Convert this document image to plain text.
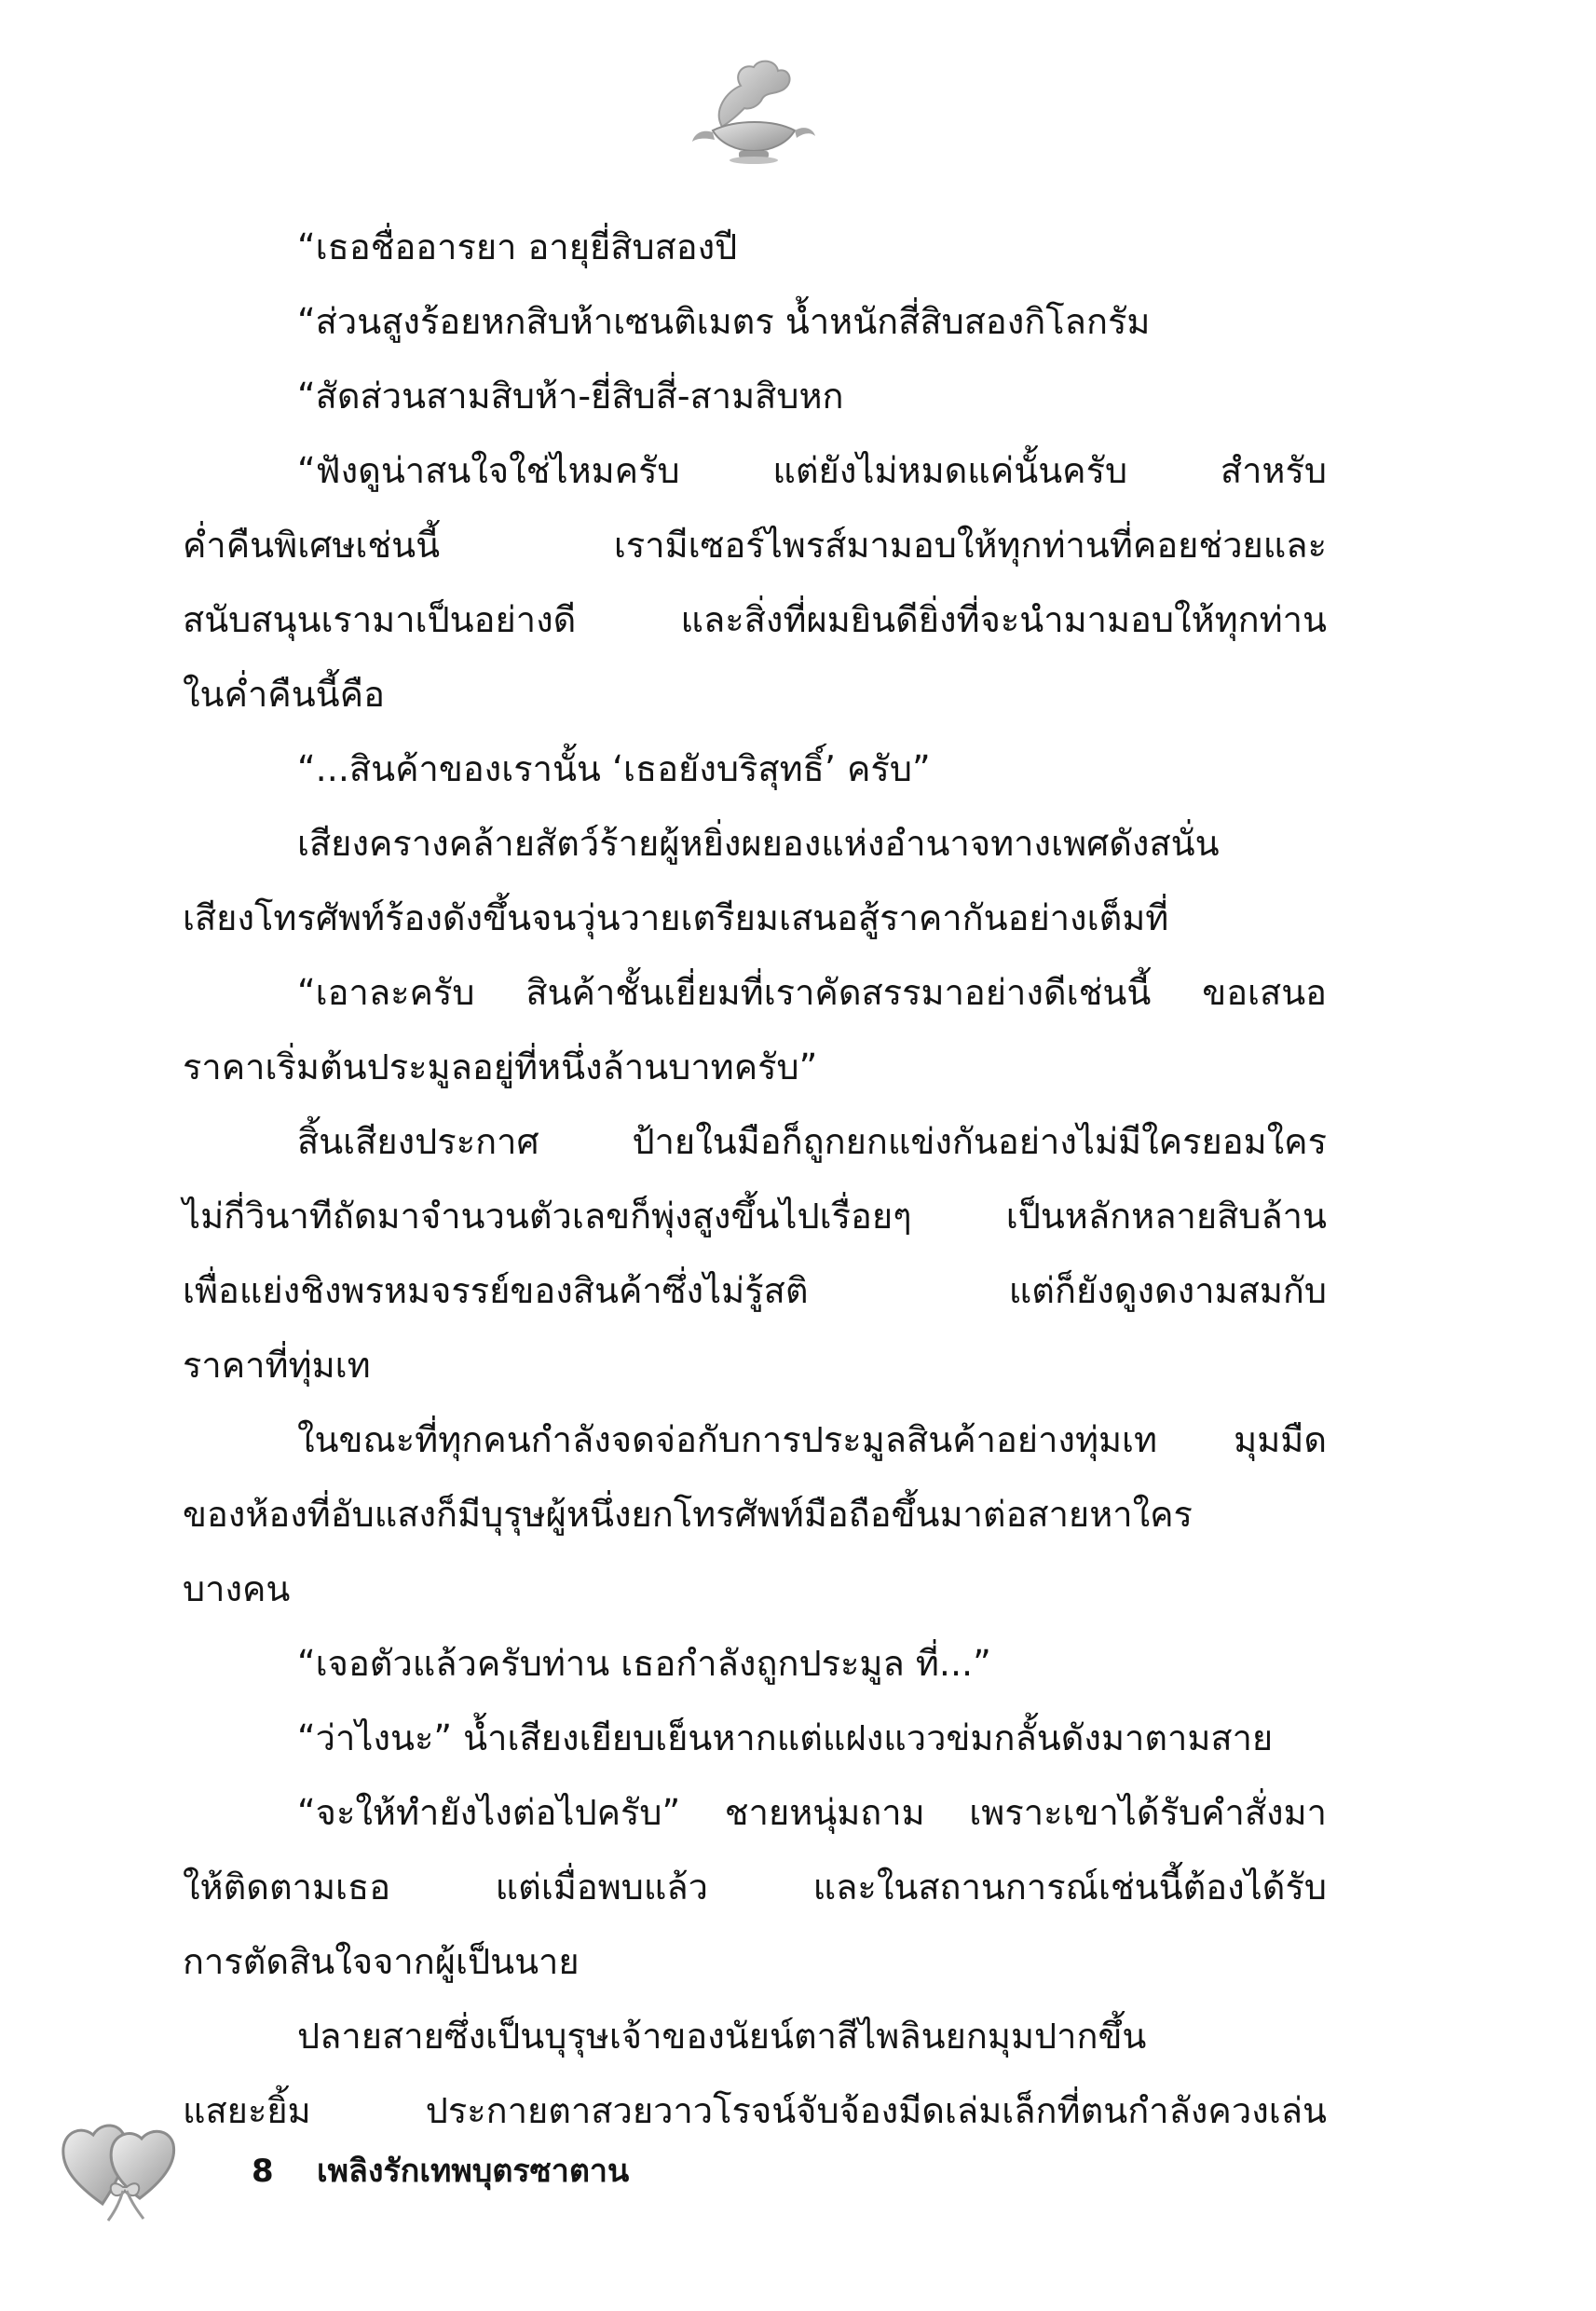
“เธอชื่ออารยา อายุยี่สิบสองปี
“ส่วนสูงร้อยหกสิบห้าเซนติเมตร น้ำหนักสี่สิบสองกิโลกรัม
“สัดส่วนสามสิบห้า-ยี่สิบสี่-สามสิบหก
“ฟังดูน่าสนใจใช่ไหมครับ แต่ยังไม่หมดแค่นั้นครับ สำหรับ
ค่ำคืนพิเศษเช่นนี้ เรามีเซอร์ไพรส์มามอบให้ทุกท่านที่คอยช่วยและ
สนับสนุนเรามาเป็นอย่างดี และสิ่งที่ผมยินดียิ่งที่จะนำมามอบให้ทุกท่าน
ในค่ำคืนนี้คือ
“...สินค้าของเรานั้น ‘เธอยังบริสุทธิ์’ ครับ”
เสียงครางคล้ายสัตว์ร้ายผู้หยิ่งผยองแห่งอำนาจทางเพศดังสนั่น
เสียงโทรศัพท์ร้องดังขึ้นจนวุ่นวายเตรียมเสนอสู้ราคากันอย่างเต็มที่
“เอาละครับ สินค้าชั้นเยี่ยมที่เราคัดสรรมาอย่างดีเช่นนี้ ขอเสนอ
ราคาเริ่มต้นประมูลอยู่ที่หนึ่งล้านบาทครับ”
สิ้นเสียงประกาศ ป้ายในมือก็ถูกยกแข่งกันอย่างไม่มีใครยอมใคร
ไม่กี่วินาทีถัดมาจำนวนตัวเลขก็พุ่งสูงขึ้นไปเรื่อยๆ เป็นหลักหลายสิบล้าน
เพื่อแย่งชิงพรหมจรรย์ของสินค้าซึ่งไม่รู้สติ แต่ก็ยังดูงดงามสมกับ
ราคาที่ทุ่มเท
ในขณะที่ทุกคนกำลังจดจ่อกับการประมูลสินค้าอย่างทุ่มเท มุมมืด
ของห้องที่อับแสงก็มีบุรุษผู้หนึ่งยกโทรศัพท์มือถือขึ้นมาต่อสายหาใคร
บางคน
“เจอตัวแล้วครับท่าน เธอกำลังถูกประมูล ที่...”
“ว่าไงนะ” น้ำเสียงเยียบเย็นหากแต่แฝงแววข่มกลั้นดังมาตามสาย
“จะให้ทำยังไงต่อไปครับ” ชายหนุ่มถาม เพราะเขาได้รับคำสั่งมา
ให้ติดตามเธอ แต่เมื่อพบแล้ว และในสถานการณ์เช่นนี้ต้องได้รับ
การตัดสินใจจากผู้เป็นนาย
ปลายสายซึ่งเป็นบุรุษเจ้าของนัยน์ตาสีไพลินยกมุมปากขึ้น
แสยะยิ้ม ประกายตาสวยวาวโรจน์จับจ้องมีดเล่มเล็กที่ตนกำลังควงเล่น
8 เพลิงรักเทพบุตรซาตาน
